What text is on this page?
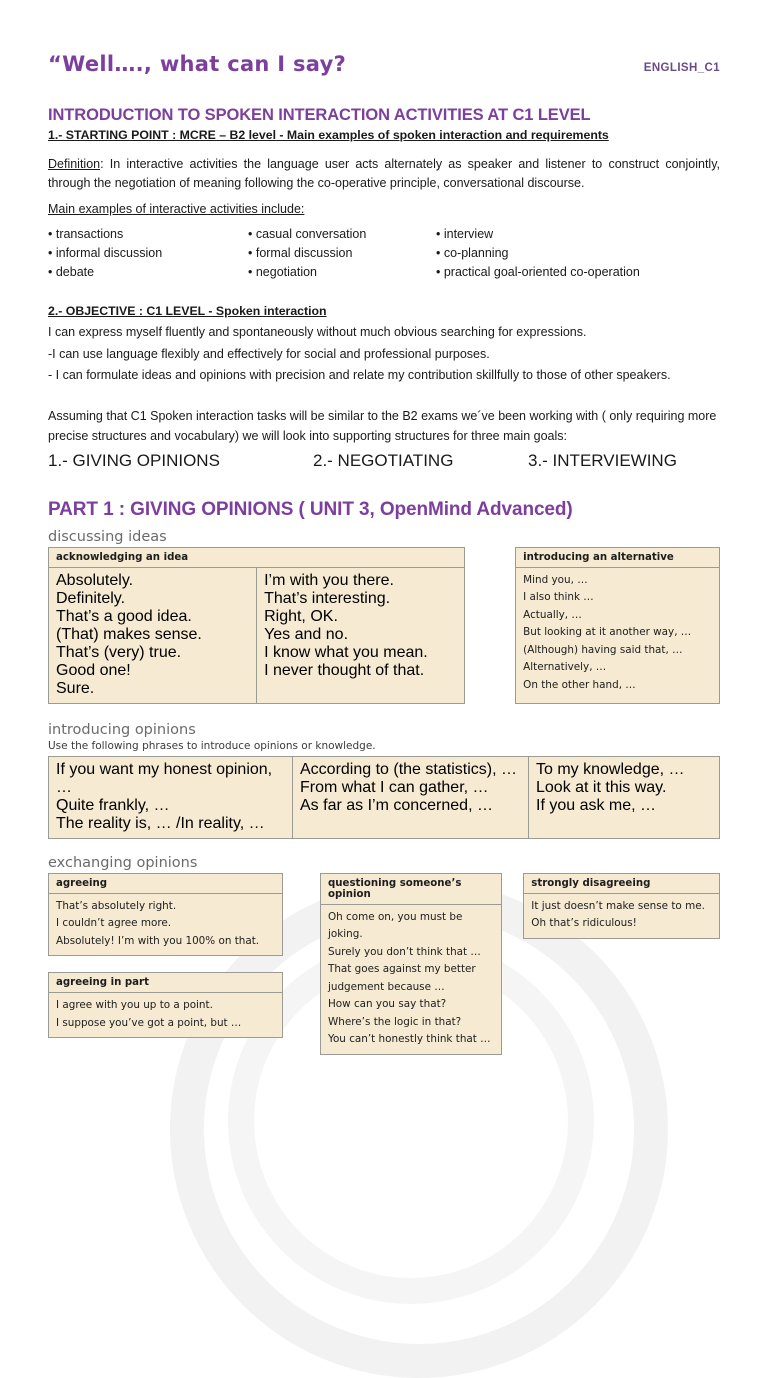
“Well…., what can I say?	ENGLISH_C1
INTRODUCTION TO SPOKEN INTERACTION ACTIVITIES AT C1 LEVEL
1.- STARTING POINT : MCRE – B2 level - Main examples of spoken interaction and requirements

Definition: In interactive activities the language user acts alternately as speaker and listener to construct conjointly, through the negotiation of meaning following the co-operative principle, conversational discourse.

Main examples of interactive activities include:

• transactions	• casual conversation	• interview
• informal discussion	• formal discussion	• co-planning
• debate	• negotiation	• practical goal-oriented co-operation
2.- OBJECTIVE : C1 LEVEL - Spoken interaction

I can express myself fluently and spontaneously without much obvious searching for expressions.

-I can use language flexibly and effectively for social and professional purposes.

- I can formulate ideas and opinions with precision and relate my contribution skillfully to those of other speakers.

Assuming that C1 Spoken interaction tasks will be similar to the B2 exams we´ve been working with ( only requiring more precise structures and vocabulary) we will look into supporting structures for three main goals:

1.- GIVING OPINIONS	2.- NEGOTIATING	3.- INTERVIEWING
PART 1 : GIVING OPINIONS ( UNIT 3, OpenMind Advanced)
discussing ideas
acknowledging an idea
Absolutely.
Definitely.
That’s a good idea.
(That) makes sense.
That’s (very) true.
Good one!
Sure.
I’m with you there.
That’s interesting.
Right, OK.
Yes and no.
I know what you mean.
I never thought of that.
introducing an alternative
Mind you, …
I also think …
Actually, …
But looking at it another way, …
(Although) having said that, …
Alternatively, …
On the other hand, …
introducing opinions
Use the following phrases to introduce opinions or knowledge.
If you want my honest opinion, …
Quite frankly, …
The reality is, … /In reality, …
According to (the statistics), …
From what I can gather, …
As far as I’m concerned, …
To my knowledge, …
Look at it this way.
If you ask me, …
exchanging opinions
agreeing
That’s absolutely right.
I couldn’t agree more.
Absolutely! I’m with you 100% on that.
agreeing in part
I agree with you up to a point.
I suppose you’ve got a point, but …
questioning someone’s opinion
Oh come on, you must be joking.
Surely you don’t think that …
That goes against my better judgement because …
How can you say that?
Where’s the logic in that?
You can’t honestly think that …
strongly disagreeing
It just doesn’t make sense to me.
Oh that’s ridiculous!
